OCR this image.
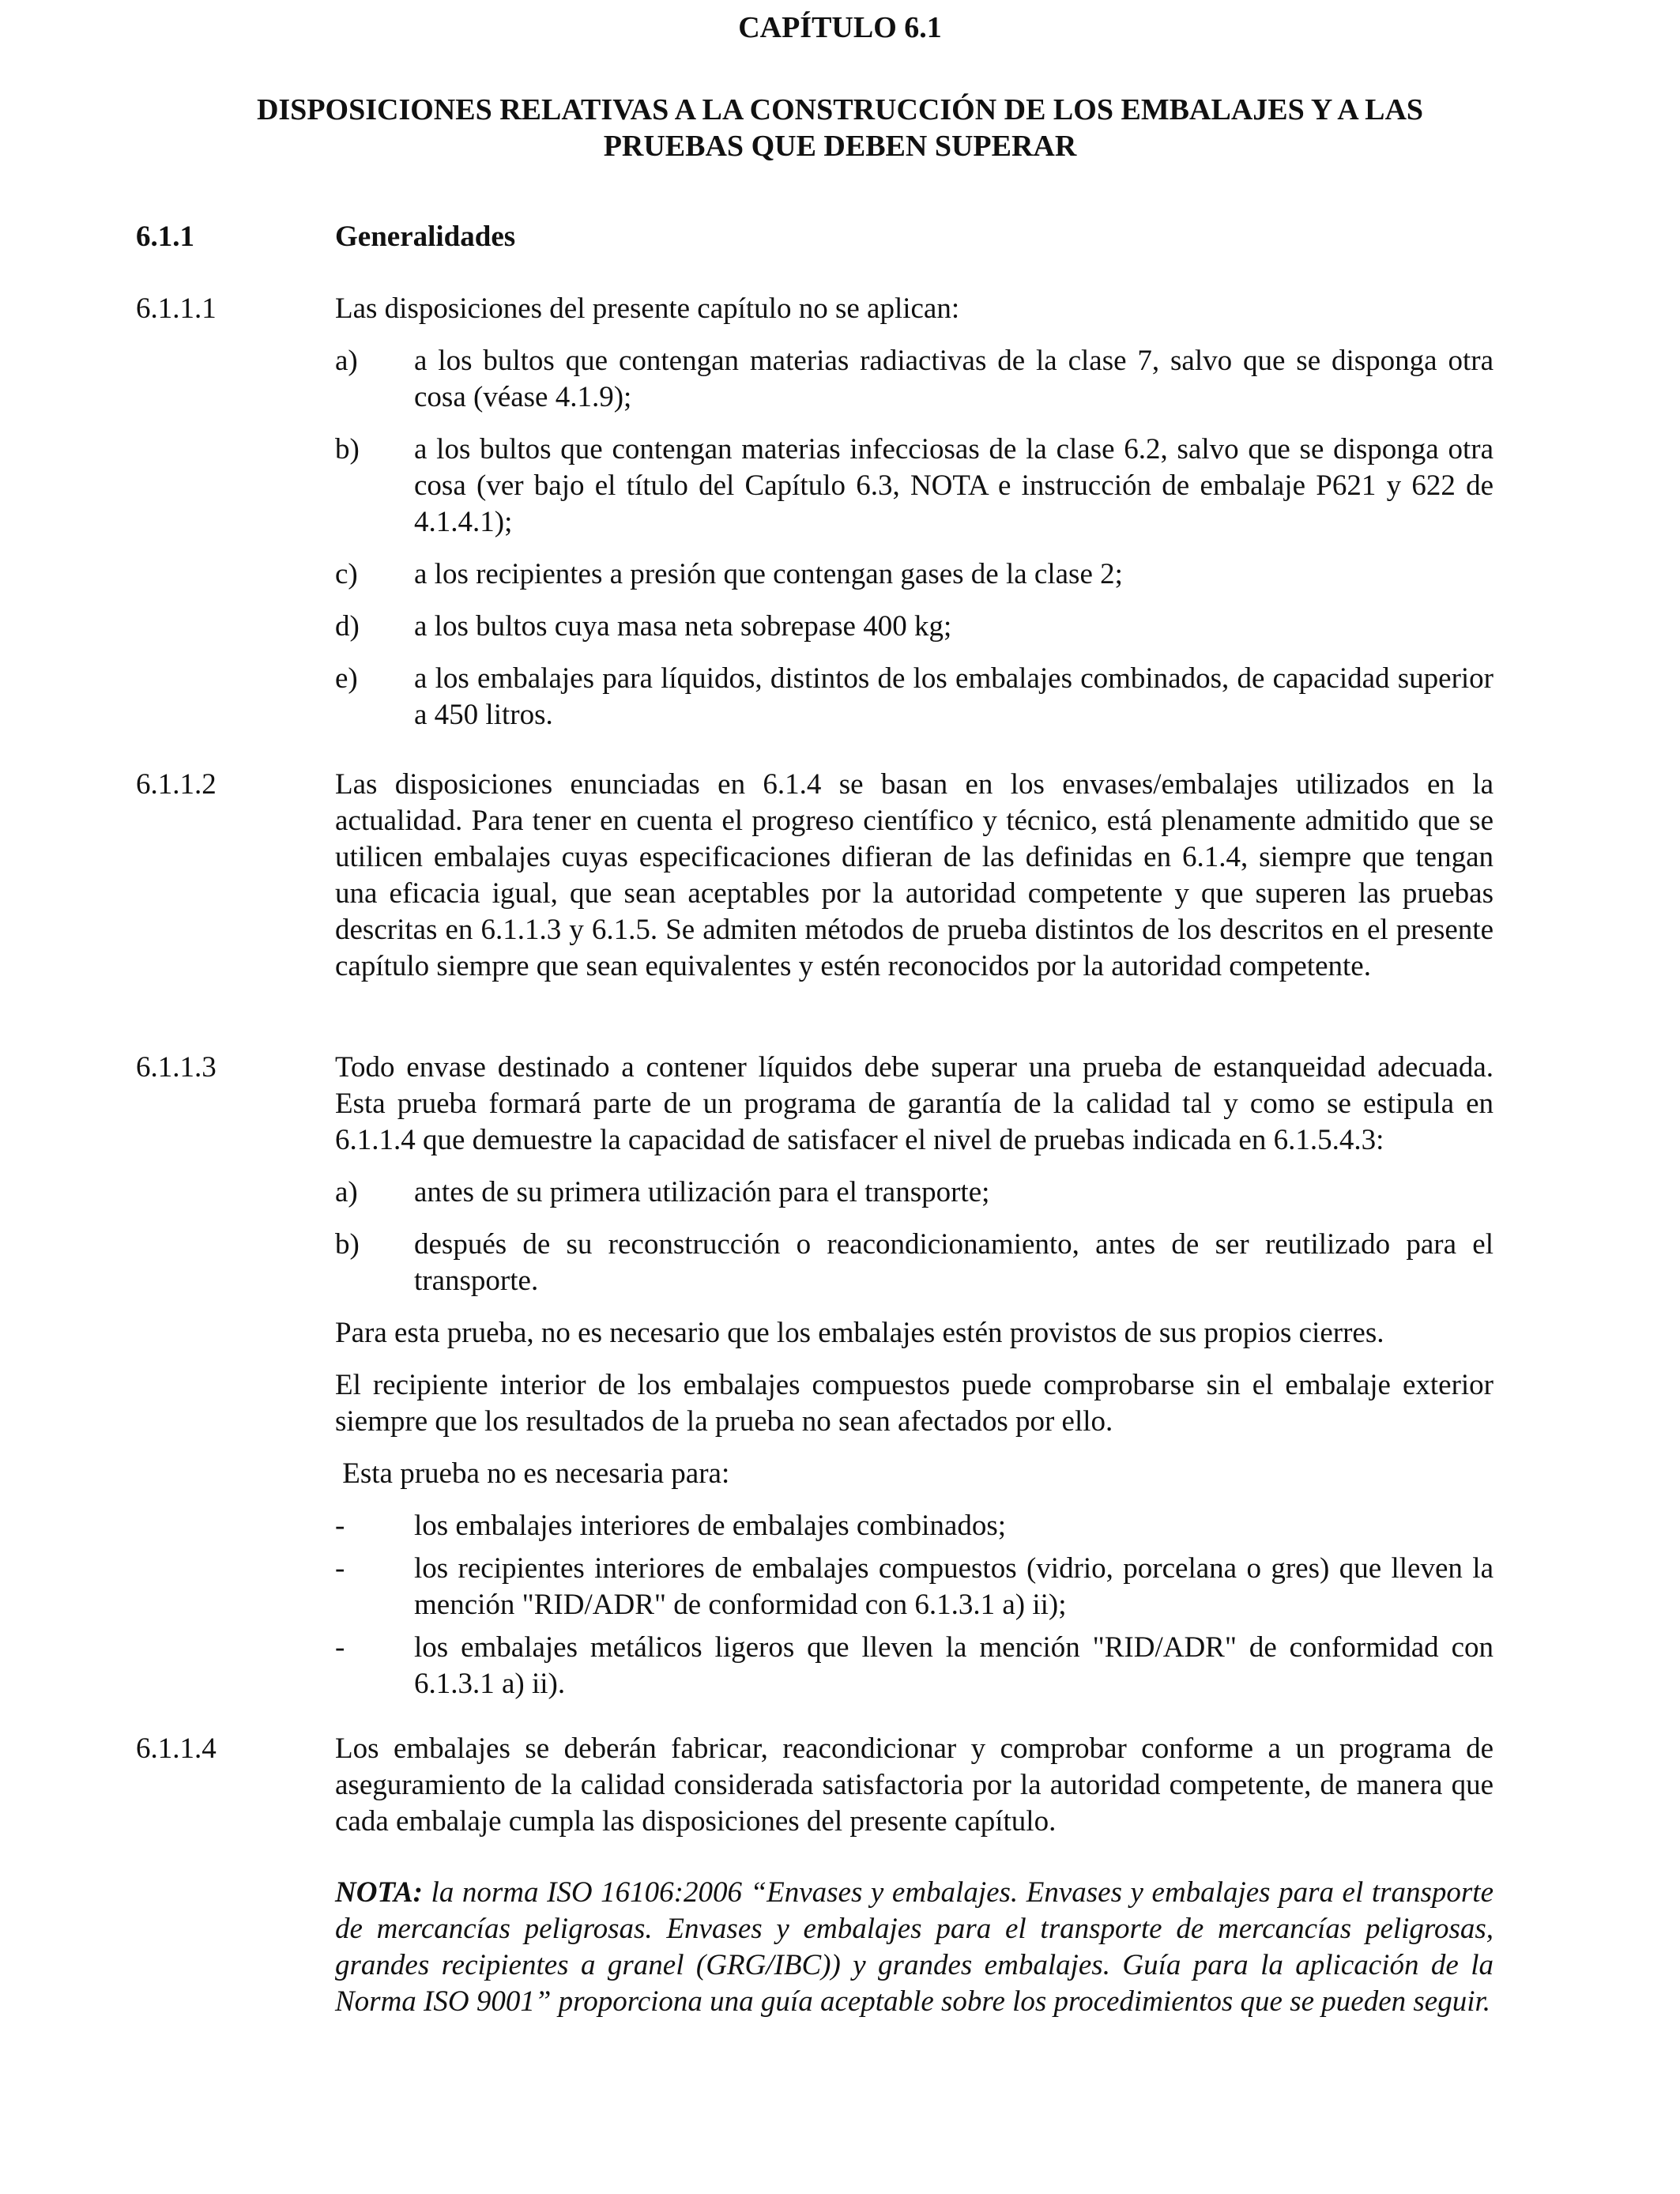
CAPÍTULO 6.1
DISPOSICIONES RELATIVAS A LA CONSTRUCCIÓN DE LOS EMBALAJES Y A LAS
PRUEBAS QUE DEBEN SUPERAR
6.1.1	Generalidades
6.1.1.1	Las disposiciones del presente capítulo no se aplican:
a) a los bultos que contengan materias radiactivas de la clase 7, salvo que se disponga otra cosa (véase 4.1.9);
b) a los bultos que contengan materias infecciosas de la clase 6.2, salvo que se disponga otra cosa (ver bajo el título del Capítulo 6.3, NOTA e instrucción de embalaje P621 y 622 de 4.1.4.1);
c) a los recipientes a presión que contengan gases de la clase 2;
d) a los bultos cuya masa neta sobrepase 400 kg;
e) a los embalajes para líquidos, distintos de los embalajes combinados, de capacidad superior a 450 litros.
6.1.1.2	Las disposiciones enunciadas en 6.1.4 se basan en los envases/embalajes utilizados en la actualidad. Para tener en cuenta el progreso científico y técnico, está plenamente admitido que se utilicen embalajes cuyas especificaciones difieran de las definidas en 6.1.4, siempre que tengan una eficacia igual, que sean aceptables por la autoridad competente y que superen las pruebas descritas en 6.1.1.3 y 6.1.5. Se admiten métodos de prueba distintos de los descritos en el presente capítulo siempre que sean equivalentes y estén reconocidos por la autoridad competente.
6.1.1.3	Todo envase destinado a contener líquidos debe superar una prueba de estanqueidad adecuada. Esta prueba formará parte de un programa de garantía de la calidad tal y como se estipula en 6.1.1.4 que demuestre la capacidad de satisfacer el nivel de pruebas indicada en 6.1.5.4.3:
a) antes de su primera utilización para el transporte;
b) después de su reconstrucción o reacondicionamiento, antes de ser reutilizado para el transporte.
Para esta prueba, no es necesario que los embalajes estén provistos de sus propios cierres.
El recipiente interior de los embalajes compuestos puede comprobarse sin el embalaje exterior siempre que los resultados de la prueba no sean afectados por ello.
Esta prueba no es necesaria para:
- los embalajes interiores de embalajes combinados;
- los recipientes interiores de embalajes compuestos (vidrio, porcelana o gres) que lleven la mención "RID/ADR" de conformidad con 6.1.3.1 a) ii);
- los embalajes metálicos ligeros que lleven la mención "RID/ADR" de conformidad con 6.1.3.1 a) ii).
6.1.1.4	Los embalajes se deberán fabricar, reacondicionar y comprobar conforme a un programa de aseguramiento de la calidad considerada satisfactoria por la autoridad competente, de manera que cada embalaje cumpla las disposiciones del presente capítulo.
NOTA: la norma ISO 16106:2006 “Envases y embalajes. Envases y embalajes para el transporte de mercancías peligrosas. Envases y embalajes para el transporte de mercancías peligrosas, grandes recipientes a granel (GRG/IBC)) y grandes embalajes. Guía para la aplicación de la Norma ISO 9001” proporciona una guía aceptable sobre los procedimientos que se pueden seguir.
